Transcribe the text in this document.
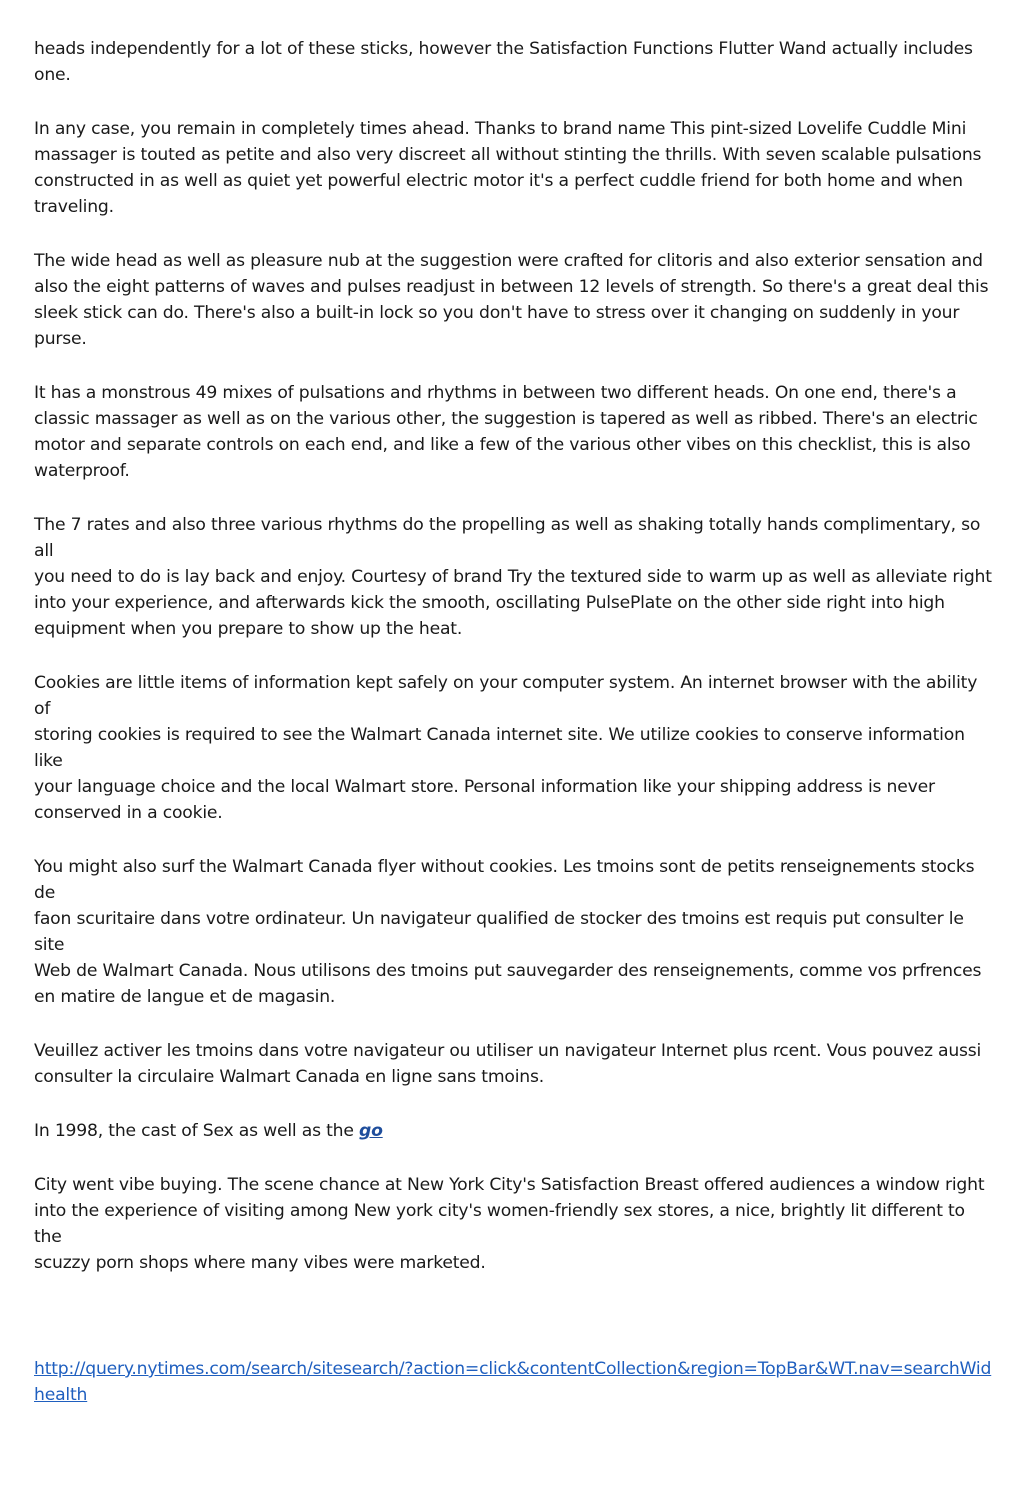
heads independently for a lot of these sticks, however the Satisfaction Functions Flutter Wand actually includes
one.

In any case, you remain in completely times ahead. Thanks to brand name This pint-sized Lovelife Cuddle Mini
massager is touted as petite and also very discreet all without stinting the thrills. With seven scalable pulsations
constructed in as well as quiet yet powerful electric motor it's a perfect cuddle friend for both home and when
traveling.

The wide head as well as pleasure nub at the suggestion were crafted for clitoris and also exterior sensation and
also the eight patterns of waves and pulses readjust in between 12 levels of strength. So there's a great deal this
sleek stick can do. There's also a built-in lock so you don't have to stress over it changing on suddenly in your
purse.

It has a monstrous 49 mixes of pulsations and rhythms in between two different heads. On one end, there's a
classic massager as well as on the various other, the suggestion is tapered as well as ribbed. There's an electric
motor and separate controls on each end, and like a few of the various other vibes on this checklist, this is also
waterproof.

The 7 rates and also three various rhythms do the propelling as well as shaking totally hands complimentary, so all
you need to do is lay back and enjoy. Courtesy of brand Try the textured side to warm up as well as alleviate right
into your experience, and afterwards kick the smooth, oscillating PulsePlate on the other side right into high
equipment when you prepare to show up the heat.

Cookies are little items of information kept safely on your computer system. An internet browser with the ability of
storing cookies is required to see the Walmart Canada internet site. We utilize cookies to conserve information like
your language choice and the local Walmart store. Personal information like your shipping address is never
conserved in a cookie.

You might also surf the Walmart Canada flyer without cookies. Les tmoins sont de petits renseignements stocks de
faon scuritaire dans votre ordinateur. Un navigateur qualified de stocker des tmoins est requis put consulter le site
Web de Walmart Canada. Nous utilisons des tmoins put sauvegarder des renseignements, comme vos prfrences
en matire de langue et de magasin.

Veuillez activer les tmoins dans votre navigateur ou utiliser un navigateur Internet plus rcent. Vous pouvez aussi
consulter la circulaire Walmart Canada en ligne sans tmoins.

In 1998, the cast of Sex as well as the go

City went vibe buying. The scene chance at New York City's Satisfaction Breast offered audiences a window right
into the experience of visiting among New york city's women-friendly sex stores, a nice, brightly lit different to the
scuzzy porn shops where many vibes were marketed.

http://query.nytimes.com/search/sitesearch/?action=click&contentCollection&region=TopBar&WT.nav=searchWid
health
